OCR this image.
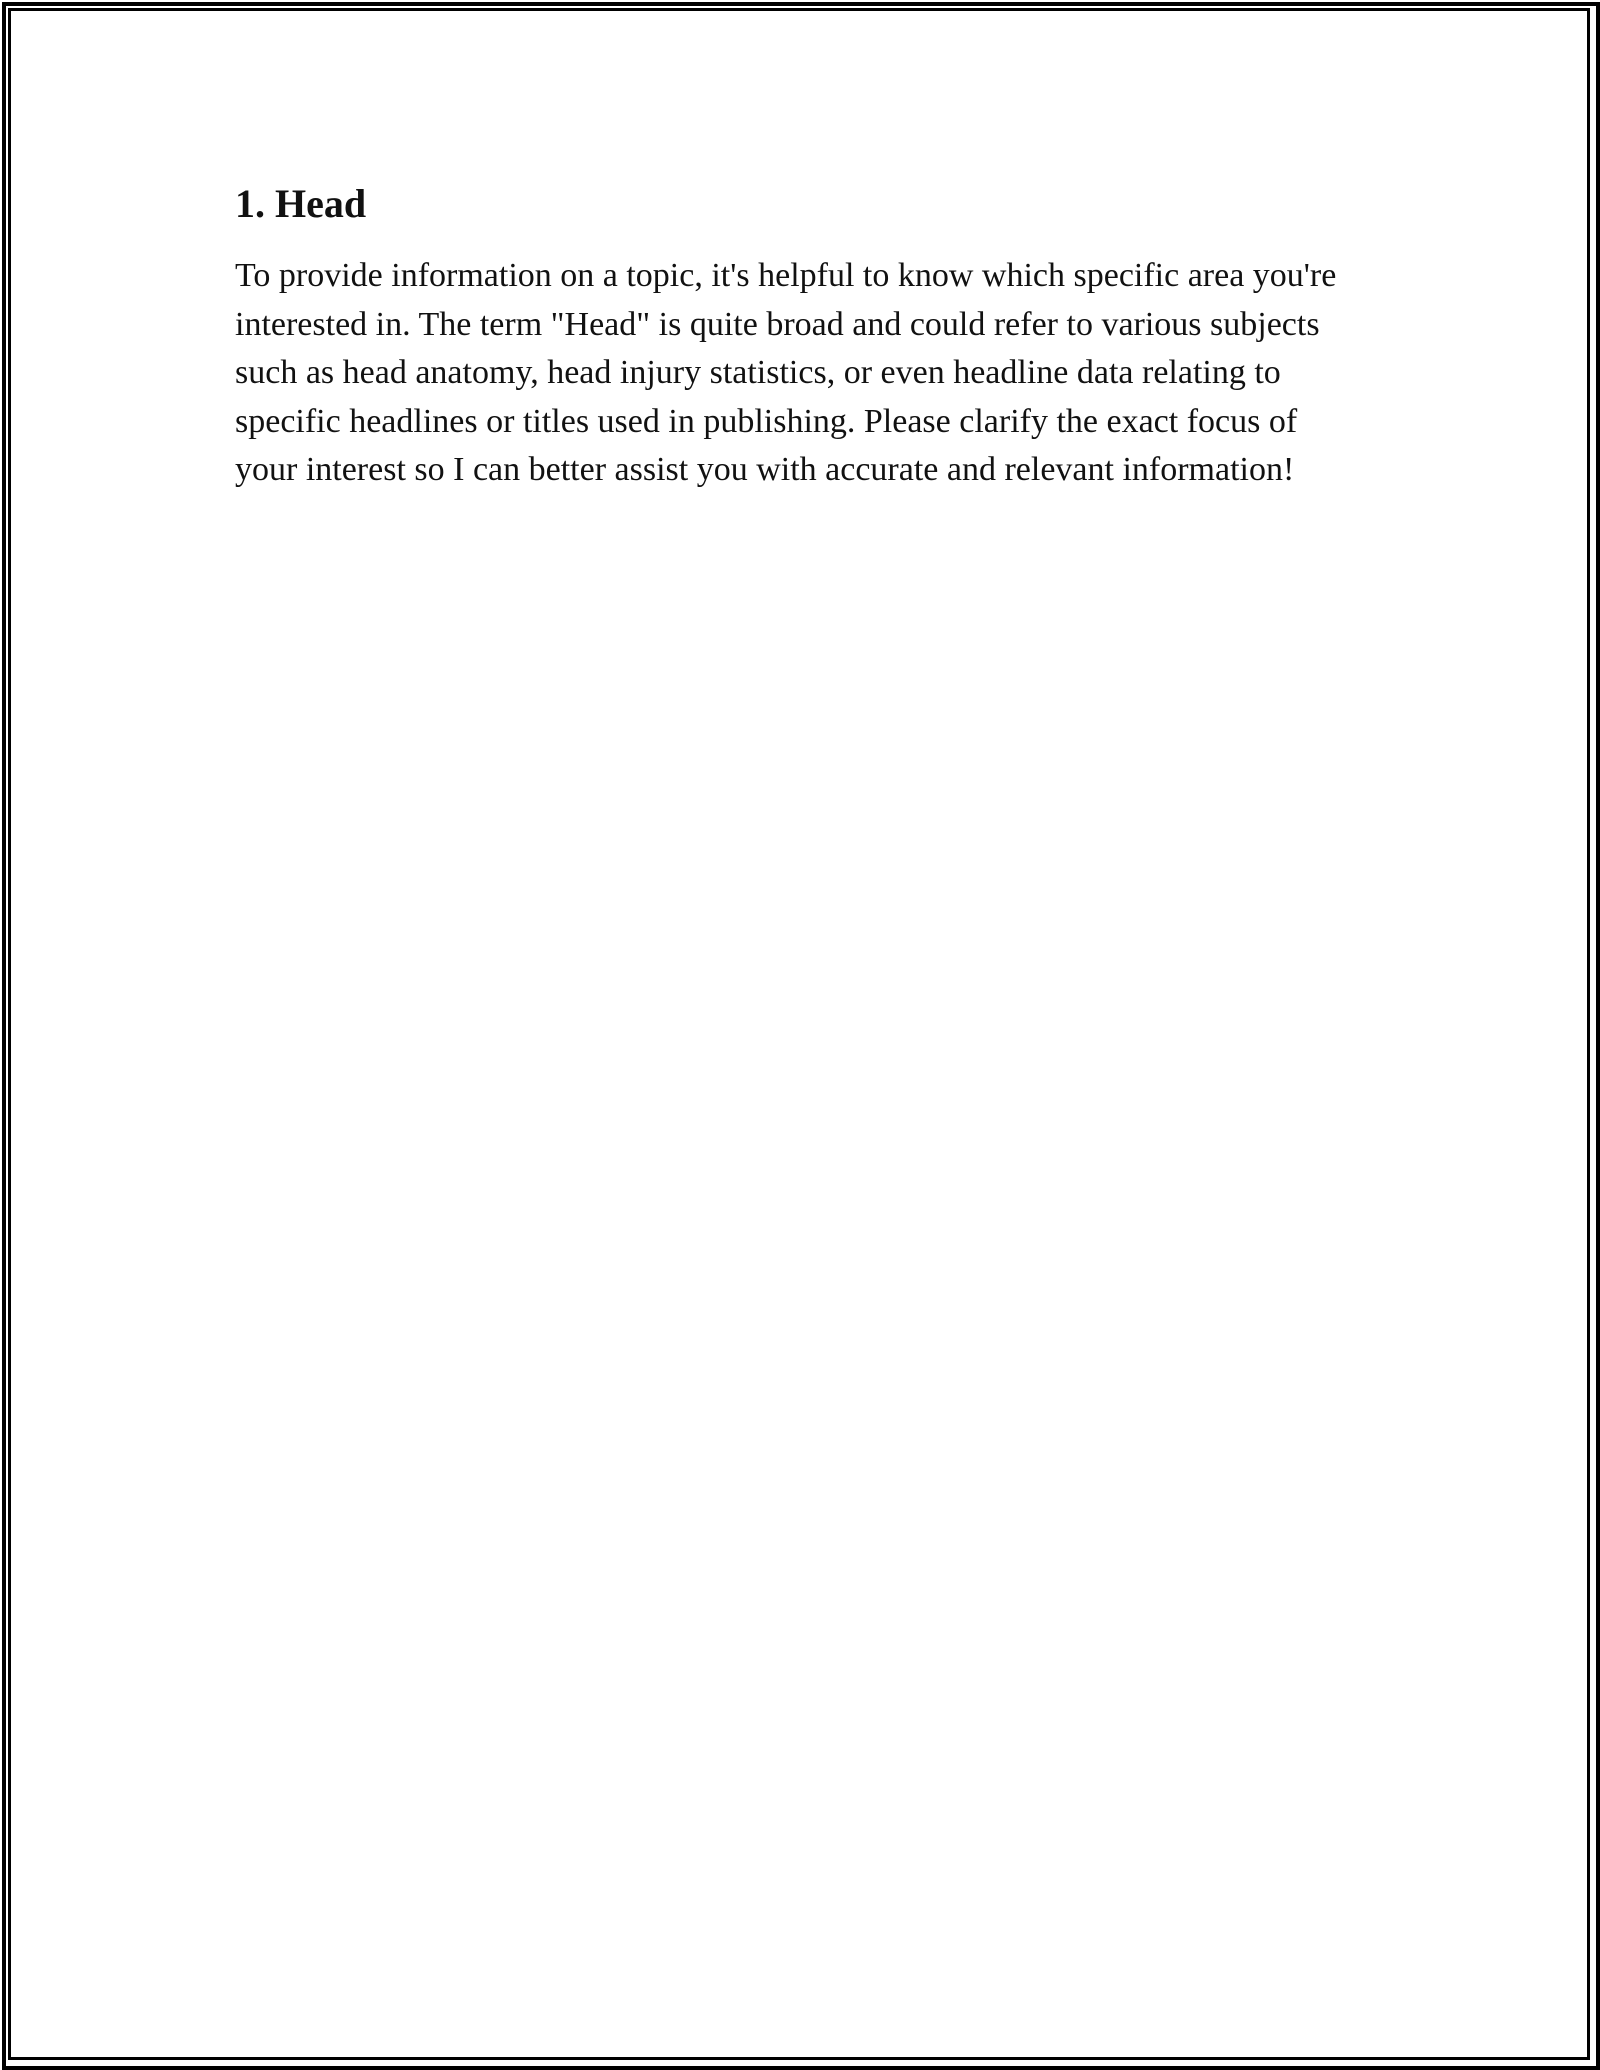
1. Head

To provide information on a topic, it's helpful to know which specific area you're interested in. The term "Head" is quite broad and could refer to various subjects such as head anatomy, head injury statistics, or even headline data relating to specific headlines or titles used in publishing. Please clarify the exact focus of your interest so I can better assist you with accurate and relevant information!
